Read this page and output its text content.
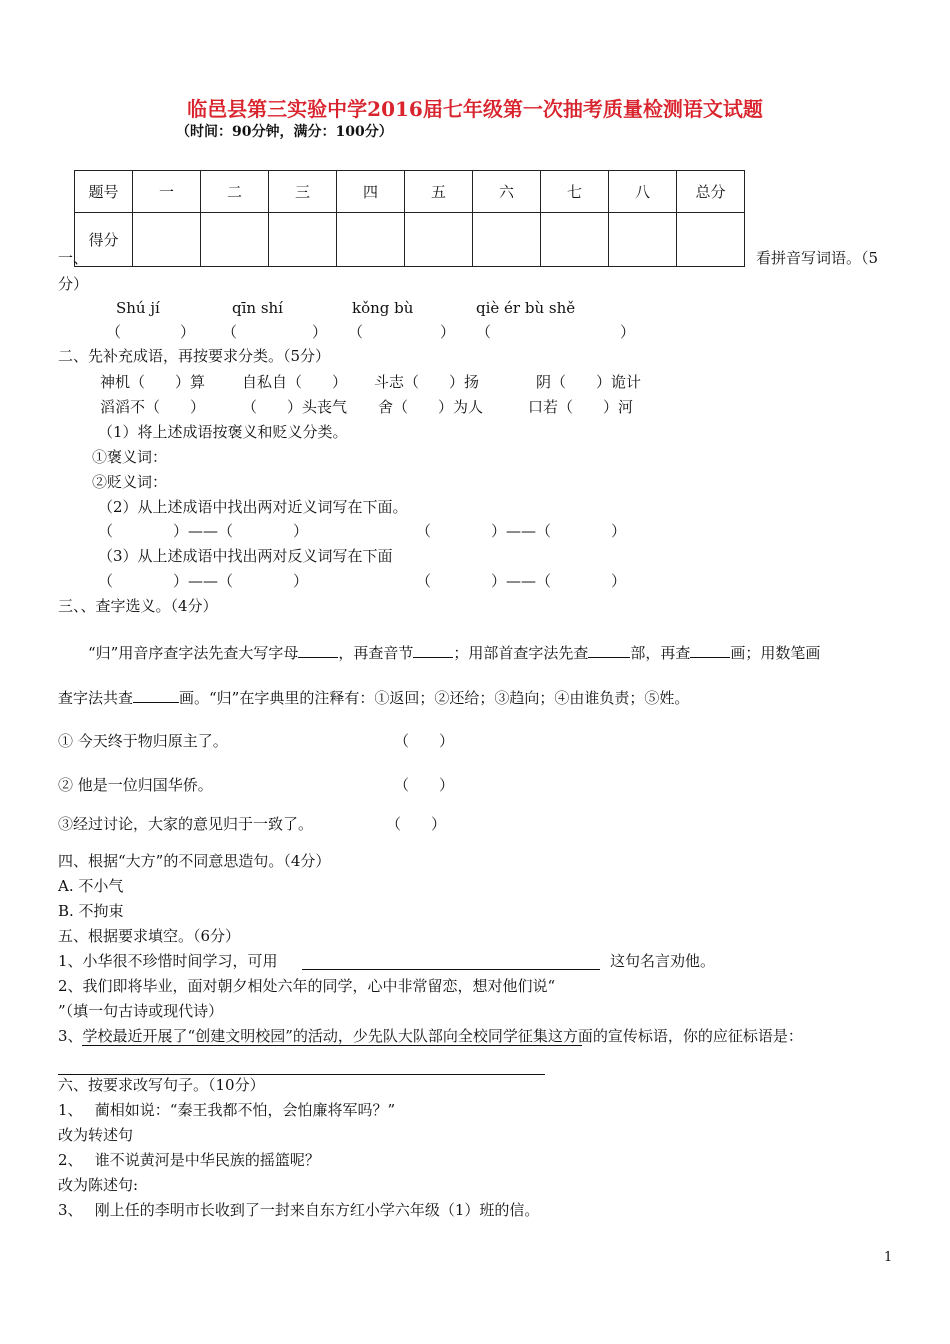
临邑县第三实验中学2016届七年级第一次抽考质量检测语文试题
（时间：90分钟，满分：100分）
题号	一	二	三	四	五	六	七	八	总分
得分									
一、	看拼音写词语。（5
分）
Shú jí	qīn shí	kǒng bù	qiè ér bù shě
（	） （	） （	） （	）
二、先补充成语，再按要求分类。（5分）
神机（　　）算 自私自（　　） 斗志（　　）扬	阴（　　）诡计
滔滔不（　　） （　　）头丧气 舍（　　）为人	口若（　　）河
（1）将上述成语按褒义和贬义分类。
①褒义词：
②贬义词：
（2）从上述成语中找出两对近义词写在下面。
（　　　　）——（　　　　）	（　　　　）——（　　　　）
（3）从上述成语中找出两对反义词写在下面
（　　　　）——（　　　　）	（　　　　）——（　　　　）
三、、查字选义。（4分）
“归”用音序查字法先查大写字母	，再查音节	；用部首查字法先查	部，再查	画；用数笔画
查字法共查	画。“归”在字典里的注释有：①返回；②还给；③趋向；④由谁负责；⑤姓。
① 今天终于物归原主了。	（　　）
② 他是一位归国华侨。	（　　）
③经过讨论，大家的意见归于一致了。	（　　）
四、根据“大方”的不同意思造句。（4分）
A. 不小气
B. 不拘束
五、根据要求填空。（6分）
1、小华很不珍惜时间学习，可用	这句名言劝他。
2、我们即将毕业，面对朝夕相处六年的同学，心中非常留恋，想对他们说“
”（填一句古诗或现代诗）
3、学校最近开展了“创建文明校园”的活动，少先队大队部向全校同学征集这方面的宣传标语，你的应征标语是：
六、按要求改写句子。（10分）
1、　 蔺相如说：“秦王我都不怕，会怕廉将军吗？”
改为转述句
2、　 谁不说黄河是中华民族的摇篮呢？
改为陈述句:
3、　 刚上任的李明市长收到了一封来自东方红小学六年级（1）班的信。
1
